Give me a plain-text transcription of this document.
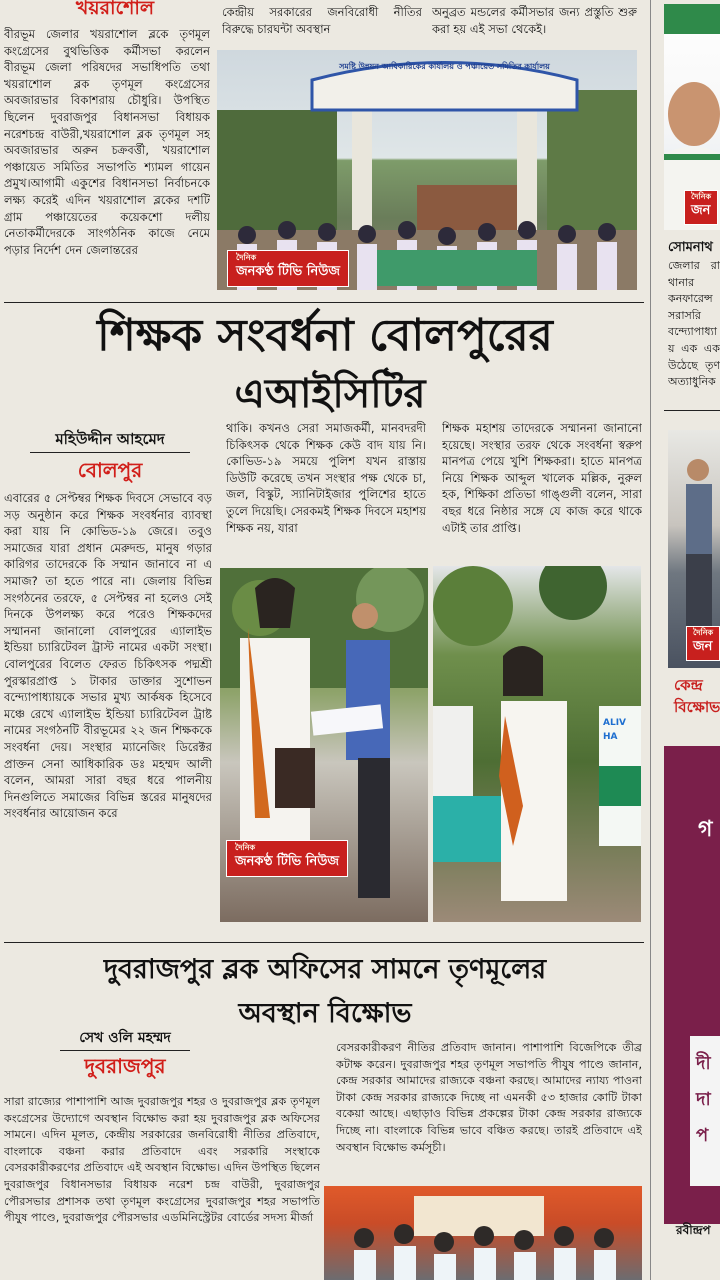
খয়রাশোল
বীরভূম জেলার খয়রাশোল ব্লকে তৃণমূল কংগ্রেসের বুথভিত্তিক কর্মীসভা করলেন বীরভূম জেলা পরিষদের সভাধিপতি তথা খয়রাশোল ব্লক তৃণমূল কংগ্রেসের অবজারভার বিকাশরায় চৌধুরি। উপস্থিত ছিলেন দুবরাজপুর বিধানসভা বিধায়ক নরেশচন্দ্র বাউরী,খয়রাশোল ব্লক তৃণমূল সহ অবজারভার অরুন চক্রবর্ত্তী, খয়রাশোল পঞ্চায়েত সমিতির সভাপতি শ্যামল গায়েন প্রমুখ।আগামী একুশের বিধানসভা নির্বাচনকে লক্ষ্য করেই এদিন খয়রাশোল ব্লকের দশটি গ্রাম পঞ্চায়েতের কয়েকশো দলীয় নেতাকর্মীদেরকে সাংগঠনিক কাজে নেমে পড়ার নির্দেশ দেন জেলান্তরের
কেন্দ্রীয় সরকারের জনবিরোধী নীতির বিরুদ্ধে চারঘন্টা অবস্থান
অনুব্রত মন্ডলের কর্মীসভার জন্য প্রস্তুতি শুরু করা হয় এই সভা থেকেই।
সমষ্টি উন্নয়ন আধিকারিকের কার্যালয় ও পঞ্চায়েত সমিতির কার্যালয়
দৈনিক
জনকণ্ঠ টিভি নিউজ
দৈনিক
জন
সোমনাথ
জেলার রা থানার কনফারেন্স সরাসরি বন্দ্যোপাধ্যায় এক এক উঠেছে তৃণ অত্যাধুনিক
দৈনিক
জন
কেন্দ্র বিক্ষোভ
গ
দী দা প
রবীন্দ্রপ
শিক্ষক সংবর্ধনা বোলপুরের
এআইসিটির
মহিউদ্দীন আহমেদ
বোলপুর
এবারের ৫ সেপ্টম্বর শিক্ষক দিবসে সেভাবে বড় সড় অনুষ্ঠান করে শিক্ষক সংবর্ধনার ব্যাবস্থা করা যায় নি কোভিড-১৯ জেরে। তবুও সমাজের যারা প্রধান মেরুদন্ড, মানুষ গড়ার কারিগর তাদেরকে কি সম্মান জানাবে না এ সমাজ? তা হতে পারে না। জেলায় বিভিন্ন সংগঠনের তরফে, ৫ সেপ্টম্বর না হলেও সেই দিনকে উপলক্ষ্য করে পরেও শিক্ষকদের সম্মাননা জানালো বোলপুরের এ্যালাইভ ইন্ডিয়া চ্যারিটেবল ট্রাস্ট নামের একটা সংস্থা। বোলপুরের বিলেত ফেরত চিকিৎসক পদ্মশ্রী পুরস্কারপ্রাপ্ত ১ টাকার ডাক্তার সুশোভন বন্দ্যোপাধ্যায়কে সভার মুখ্য আর্কষক হিসেবে মঞ্চে রেখে এ্যালাইভ ইন্ডিয়া চ্যারিটেবল ট্রাষ্ট নামের সংগঠনটি বীরভূমের ২২ জন শিক্ষককে সংবর্ধনা দেয়। সংস্থার ম্যানেজিং ডিরেক্টর প্রাক্তন সেনা আধিকারিক ডঃ মহম্মদ আলী বলেন, আমরা সারা বছর ধরে পালনীয় দিনগুলিতে সমাজের বিভিন্ন স্তরের মানুষদের সংবর্ধনার আয়োজন করে
থাকি। কখনও সেরা সমাজকর্মী, মানবদরদী চিকিৎসক থেকে শিক্ষক কেউ বাদ যায় নি। কোভিড-১৯ সময়ে পুলিশ যখন রাস্তায় ডিউটি করেছে তখন সংস্থার পক্ষ থেকে চা, জল, বিস্কুট, স্যানিটাইজার পুলিশের হাতে তুলে দিয়েছি। সেরকমই শিক্ষক দিবসে মহাশয় শিক্ষক নয়, যারা
শিক্ষক মহাশয় তাদেরকে সম্মাননা জানানো হয়েছে। সংস্থার তরফ থেকে সংবর্ধনা স্বরুপ মানপত্র পেয়ে খুশি শিক্ষকরা। হাতে মানপত্র নিয়ে শিক্ষক আব্দুল খালেক মল্লিক, নুরুল হক, শিক্ষিকা প্রতিভা গাঙ্গুলী বলেন, সারা বছর ধরে নিষ্ঠার সঙ্গে যে কাজ করে থাকে এটাই তার প্রাপ্তি।
দৈনিক
জনকণ্ঠ টিভি নিউজ
ALIV HA
দুবরাজপুর ব্লক অফিসের সামনে তৃণমূলের
অবস্থান বিক্ষোভ
সেখ ওলি মহম্মদ
দুবরাজপুর
সারা রাজ্যের পাশাপাশি আজ দুবরাজপুর শহর ও দুবরাজপুর ব্লক তৃণমূল কংগ্রেসের উদ্যোগে অবস্থান বিক্ষোভ করা হয় দুবরাজপুর ব্লক অফিসের সামনে। এদিন মূলত, কেন্দ্রীয় সরকারের জনবিরোধী নীতির প্রতিবাদে, বাংলাকে বঞ্চনা করার প্রতিবাদে এবং সরকারি সংস্থাকে বেসরকারীকরণের প্রতিবাদে এই অবস্থান বিক্ষোভ। এদিন উপস্থিত ছিলেন দুবরাজপুর বিধানসভার বিধায়ক নরেশ চন্দ্র বাউরী, দুবরাজপুর পৌরসভার প্রশাসক তথা তৃণমূল কংগ্রেসের দুবরাজপুর শহর সভাপতি পীযুষ পাণ্ডে, দুবরাজপুর পৌরসভার এডমিনিস্ট্রেটর বোর্ডের সদস্য মীর্জা
বেসরকারীকরণ নীতির প্রতিবাদ জানান। পাশাপাশি বিজেপিকে তীব্র কটাক্ষ করেন। দুবরাজপুর শহর তৃণমূল সভাপতি পীযুষ পাণ্ডে জানান, কেন্দ্র সরকার আমাদের রাজ্যকে বঞ্চনা করছে। আমাদের ন্যায্য পাওনা টাকা কেন্দ্র সরকার রাজ্যকে দিচ্ছে না এমনকী ৫৩ হাজার কোটি টাকা বকেয়া আছে। এছাড়াও বিভিন্ন প্রকল্পের টাকা কেন্দ্র সরকার রাজ্যকে দিচ্ছে না। বাংলাকে বিভিন্ন ভাবে বঞ্চিত করছে। তারই প্রতিবাদে এই অবস্থান বিক্ষোভ কর্মসূচী।
